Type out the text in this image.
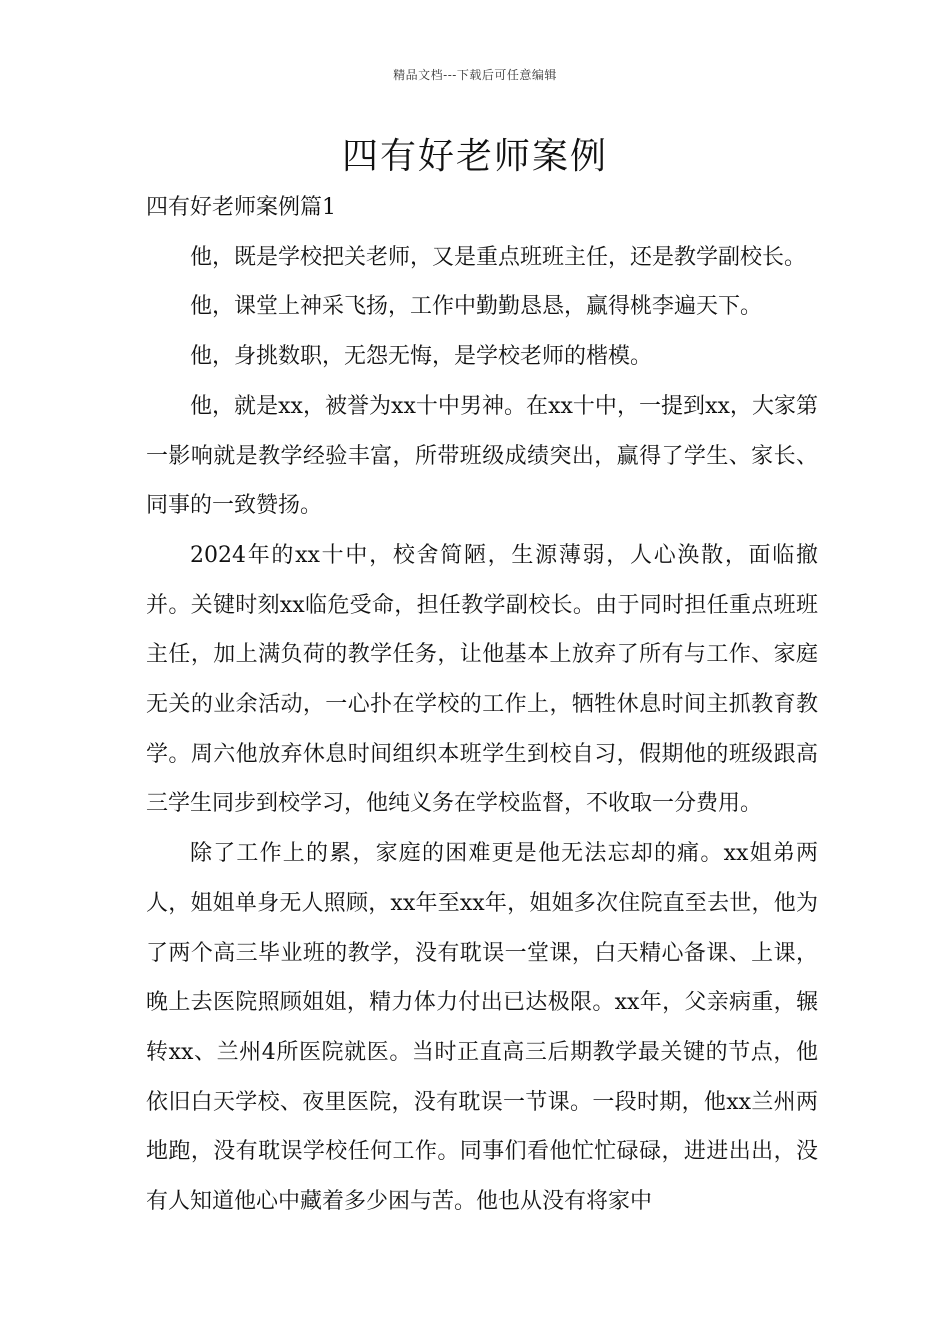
精品文档---下载后可任意编辑
四有好老师案例

四有好老师案例篇1

他，既是学校把关老师，又是重点班班主任，还是教学副校长。

他，课堂上神采飞扬，工作中勤勤恳恳，赢得桃李遍天下。

他，身挑数职，无怨无悔，是学校老师的楷模。

他，就是xx，被誉为xx十中男神。在xx十中，一提到xx，大家第一影响就是教学经验丰富，所带班级成绩突出，赢得了学生、家长、同事的一致赞扬。

2024年的xx十中，校舍简陋，生源薄弱，人心涣散，面临撤并。关键时刻xx临危受命，担任教学副校长。由于同时担任重点班班主任，加上满负荷的教学任务，让他基本上放弃了所有与工作、家庭无关的业余活动，一心扑在学校的工作上，牺牲休息时间主抓教育教学。周六他放弃休息时间组织本班学生到校自习，假期他的班级跟高三学生同步到校学习，他纯义务在学校监督，不收取一分费用。

除了工作上的累，家庭的困难更是他无法忘却的痛。xx姐弟两人，姐姐单身无人照顾，xx年至xx年，姐姐多次住院直至去世，他为了两个高三毕业班的教学，没有耽误一堂课，白天精心备课、上课，晚上去医院照顾姐姐，精力体力付出已达极限。xx年，父亲病重，辗转xx、兰州4所医院就医。当时正直高三后期教学最关键的节点，他依旧白天学校、夜里医院，没有耽误一节课。一段时期，他xx兰州两地跑，没有耽误学校任何工作。同事们看他忙忙碌碌，进进出出，没有人知道他心中藏着多少困与苦。他也从没有将家中
